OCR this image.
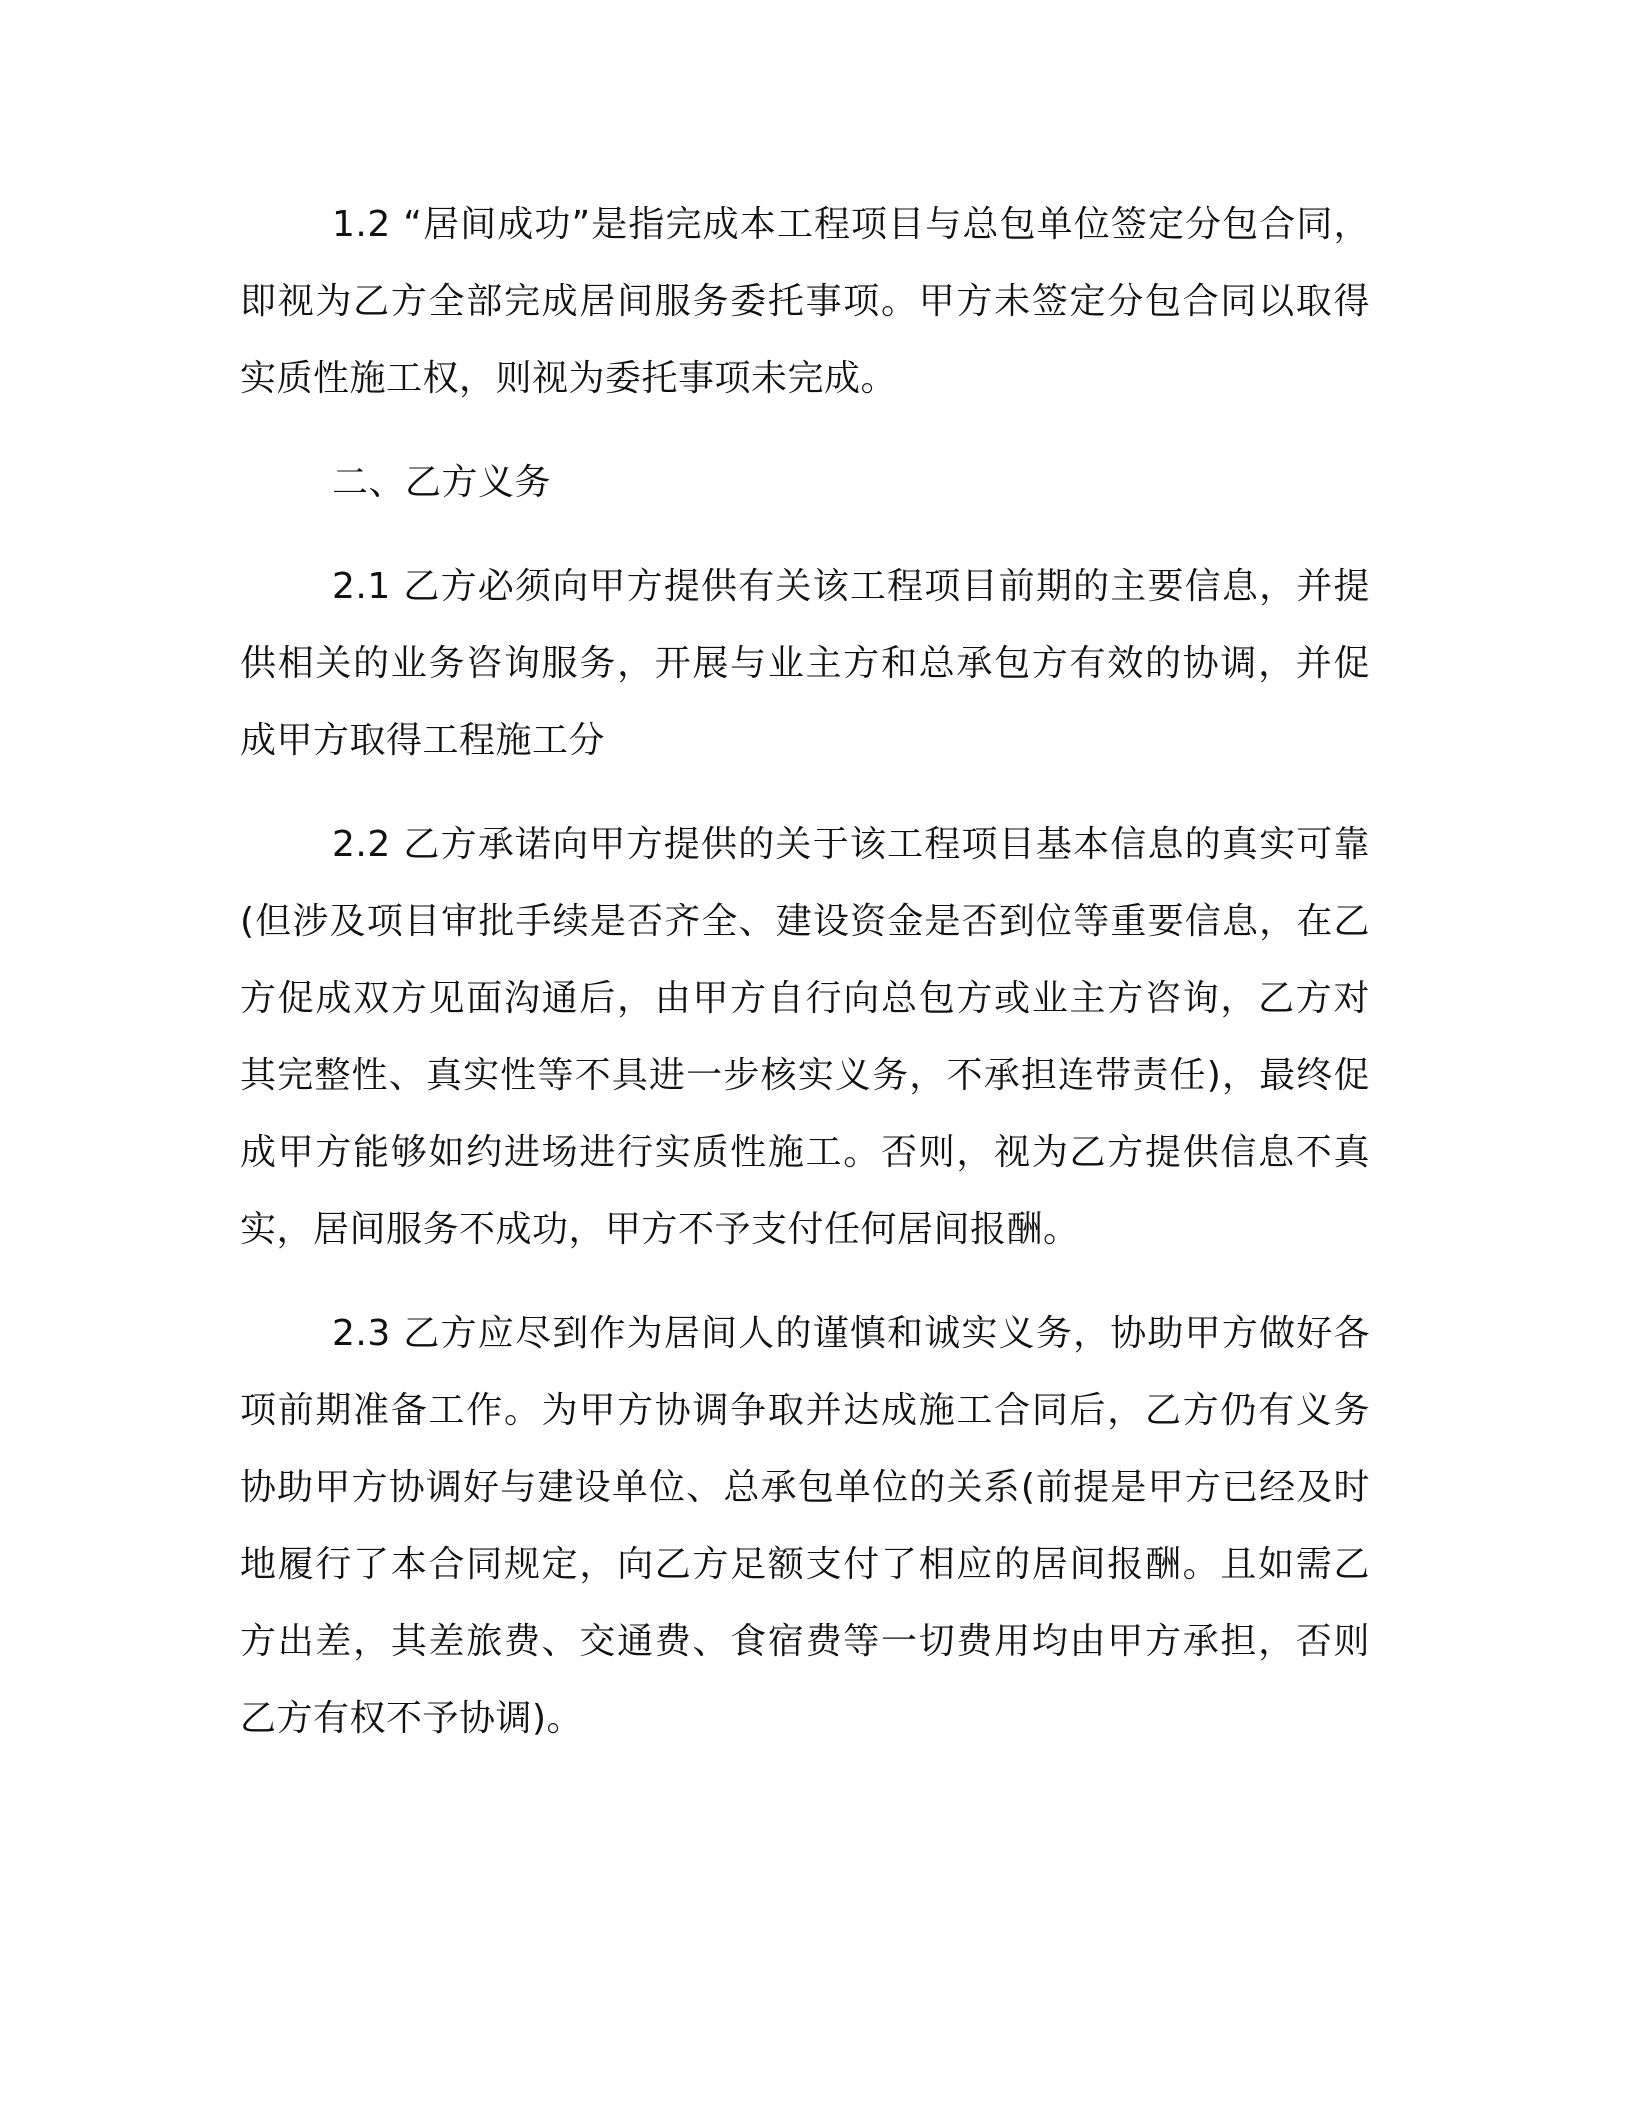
1.2 “居间成功”是指完成本工程项目与总包单位签定分包合同，即视为乙方全部完成居间服务委托事项。甲方未签定分包合同以取得实质性施工权，则视为委托事项未完成。

二、乙方义务

2.1 乙方必须向甲方提供有关该工程项目前期的主要信息，并提供相关的业务咨询服务，开展与业主方和总承包方有效的协调，并促成甲方取得工程施工分

2.2 乙方承诺向甲方提供的关于该工程项目基本信息的真实可靠(但涉及项目审批手续是否齐全、建设资金是否到位等重要信息，在乙方促成双方见面沟通后，由甲方自行向总包方或业主方咨询，乙方对其完整性、真实性等不具进一步核实义务，不承担连带责任)，最终促成甲方能够如约进场进行实质性施工。否则，视为乙方提供信息不真实，居间服务不成功，甲方不予支付任何居间报酬。

2.3 乙方应尽到作为居间人的谨慎和诚实义务，协助甲方做好各项前期准备工作。为甲方协调争取并达成施工合同后，乙方仍有义务协助甲方协调好与建设单位、总承包单位的关系(前提是甲方已经及时地履行了本合同规定，向乙方足额支付了相应的居间报酬。且如需乙方出差，其差旅费、交通费、食宿费等一切费用均由甲方承担，否则乙方有权不予协调)。
